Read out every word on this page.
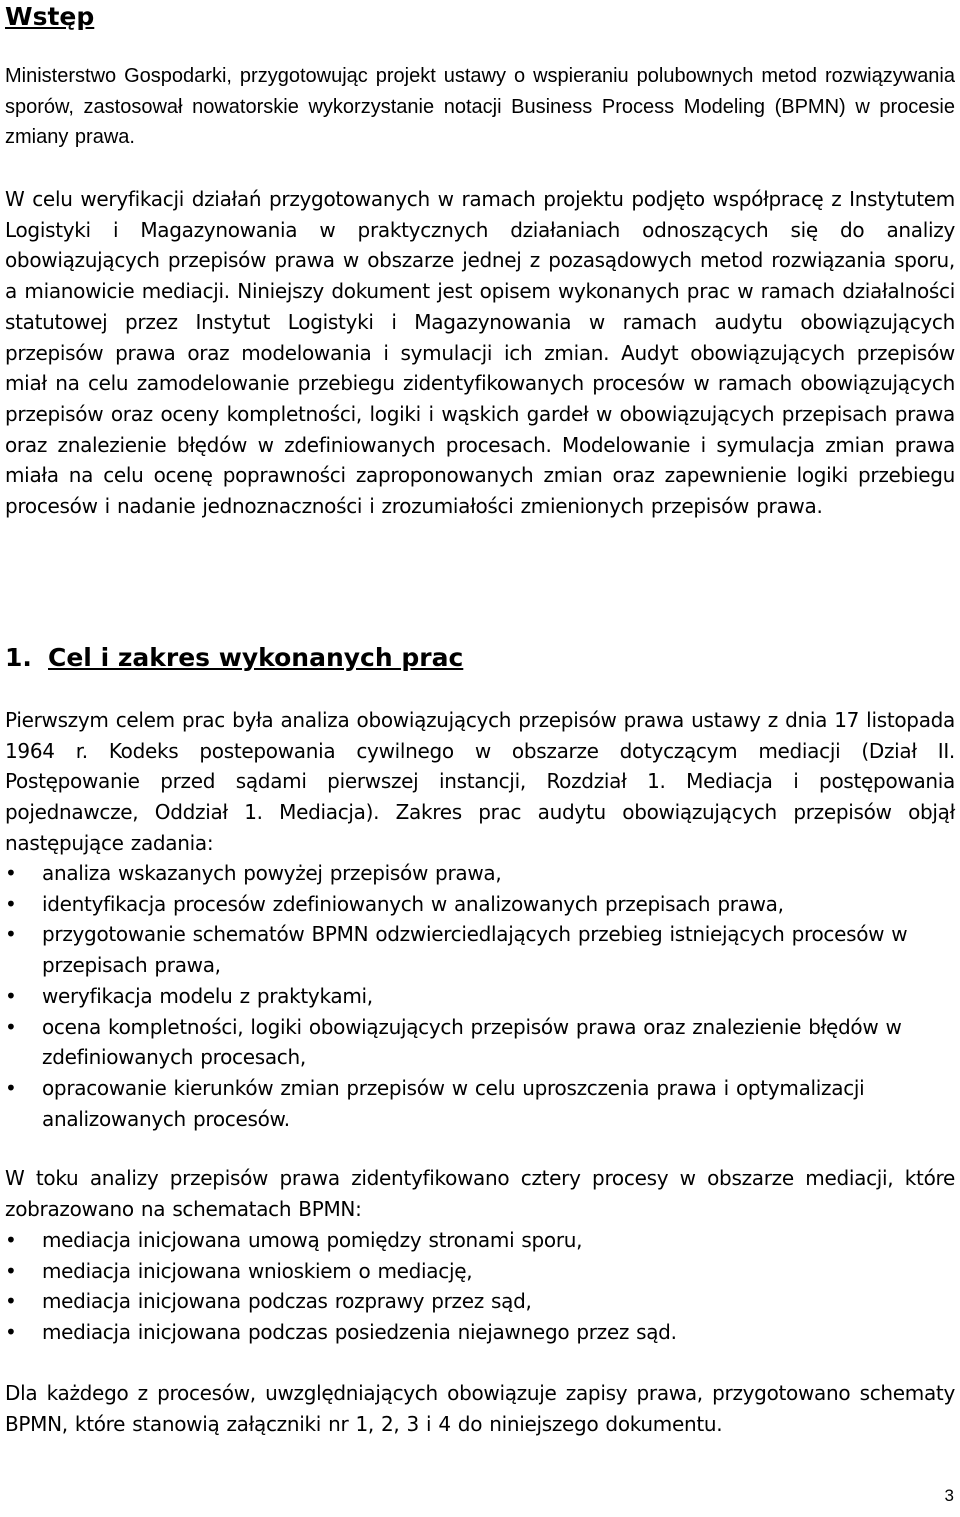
Wstęp

Ministerstwo Gospodarki, przygotowując projekt ustawy o wspieraniu polubownych metod rozwiązywania sporów, zastosował nowatorskie wykorzystanie notacji Business Process Modeling (BPMN) w procesie zmiany prawa.

W celu weryfikacji działań przygotowanych w ramach projektu podjęto współpracę z Instytutem Logistyki i Magazynowania w praktycznych działaniach odnoszących się do analizy obowiązujących przepisów prawa w obszarze jednej z pozasądowych metod rozwiązania sporu, a mianowicie mediacji. Niniejszy dokument jest opisem wykonanych prac w ramach działalności statutowej przez Instytut Logistyki i Magazynowania w ramach audytu obowiązujących przepisów prawa oraz modelowania i symulacji ich zmian. Audyt obowiązujących przepisów miał na celu zamodelowanie przebiegu zidentyfikowanych procesów w ramach obowiązujących przepisów oraz oceny kompletności, logiki i wąskich gardeł w obowiązujących przepisach prawa oraz znalezienie błędów w zdefiniowanych procesach. Modelowanie i symulacja zmian prawa miała na celu ocenę poprawności zaproponowanych zmian oraz zapewnienie logiki przebiegu procesów i nadanie jednoznaczności i zrozumiałości zmienionych przepisów prawa.

1. Cel i zakres wykonanych prac

Pierwszym celem prac była analiza obowiązujących przepisów prawa ustawy z dnia 17 listopada 1964 r. Kodeks postepowania cywilnego w obszarze dotyczącym mediacji (Dział II. Postępowanie przed sądami pierwszej instancji, Rozdział 1. Mediacja i postępowania pojednawcze, Oddział 1. Mediacja). Zakres prac audytu obowiązujących przepisów objął następujące zadania:

• analiza wskazanych powyżej przepisów prawa,
• identyfikacja procesów zdefiniowanych w analizowanych przepisach prawa,
• przygotowanie schematów BPMN odzwierciedlających przebieg istniejących procesów w przepisach prawa,
• weryfikacja modelu z praktykami,
• ocena kompletności, logiki obowiązujących przepisów prawa oraz znalezienie błędów w zdefiniowanych procesach,
• opracowanie kierunków zmian przepisów w celu uproszczenia prawa i optymalizacji analizowanych procesów.

W toku analizy przepisów prawa zidentyfikowano cztery procesy w obszarze mediacji, które zobrazowano na schematach BPMN:

• mediacja inicjowana umową pomiędzy stronami sporu,
• mediacja inicjowana wnioskiem o mediację,
• mediacja inicjowana podczas rozprawy przez sąd,
• mediacja inicjowana podczas posiedzenia niejawnego przez sąd.

Dla każdego z procesów, uwzględniających obowiązuje zapisy prawa, przygotowano schematy BPMN, które stanowią załączniki nr 1, 2, 3 i 4 do niniejszego dokumentu.

3
